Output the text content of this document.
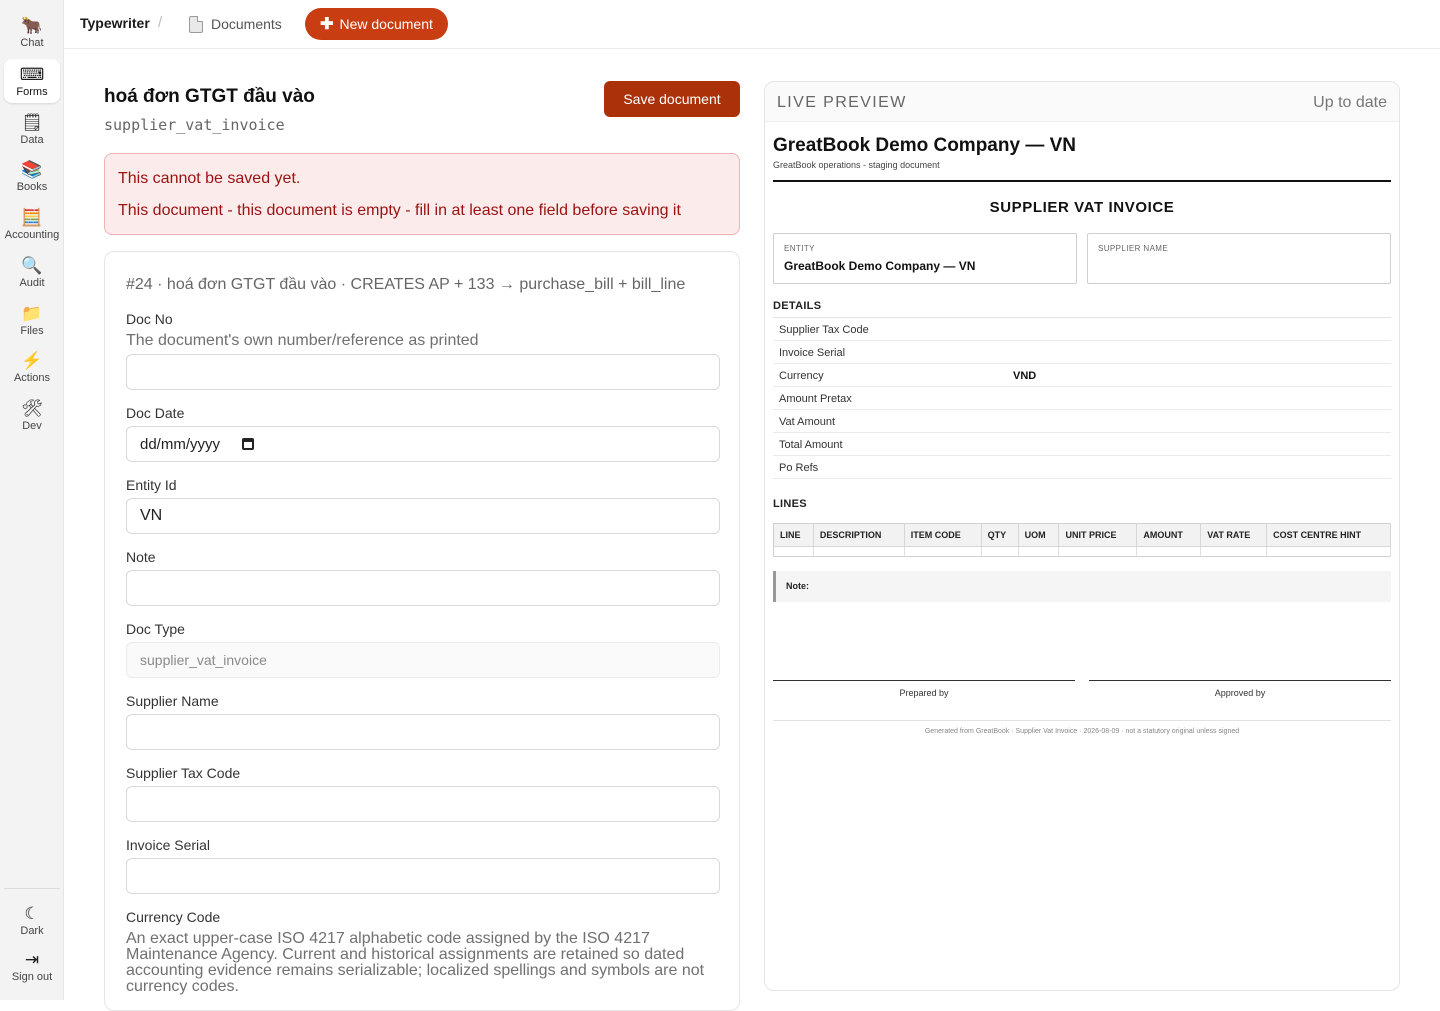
🐂
Chat
⌨
Forms
🗒
Data
📚
Books
🧮
Accounting
🔍
Audit
📁
Files
⚡
Actions
🛠
Dev
☾
Dark
⇥
Sign out
Typewriter /	Documents ✚ New document
hoá đơn GTGT đầu vào
supplier_vat_invoice
Save document
This cannot be saved yet.
This document - this document is empty - fill in at least one field before saving it
#24 · hoá đơn GTGT đầu vào · CREATES AP + 133 → purchase_bill + bill_line
Doc No
The document's own number/reference as printed
Doc Date
dd/mm/yyyy
Entity Id
VN
Note
Doc Type
supplier_vat_invoice
Supplier Name
Supplier Tax Code
Invoice Serial
Currency Code
An exact upper-case ISO 4217 alphabetic code assigned by the ISO 4217 Maintenance Agency. Current and historical assignments are retained so dated accounting evidence remains serializable; localized spellings and symbols are not currency codes.
LIVE PREVIEW	Up to date
GreatBook Demo Company — VN
GreatBook operations - staging document
SUPPLIER VAT INVOICE
ENTITY
GreatBook Demo Company — VN
SUPPLIER NAME
DETAILS
Supplier Tax Code
Invoice Serial
Currency	VND
Amount Pretax
Vat Amount
Total Amount
Po Refs
LINES
LINE	DESCRIPTION	ITEM CODE	QTY	UOM	UNIT PRICE	AMOUNT	VAT RATE	COST CENTRE HINT

Note:
Prepared by	Approved by
Generated from GreatBook · Supplier Vat Invoice · 2026-08-09 · not a statutory original unless signed
